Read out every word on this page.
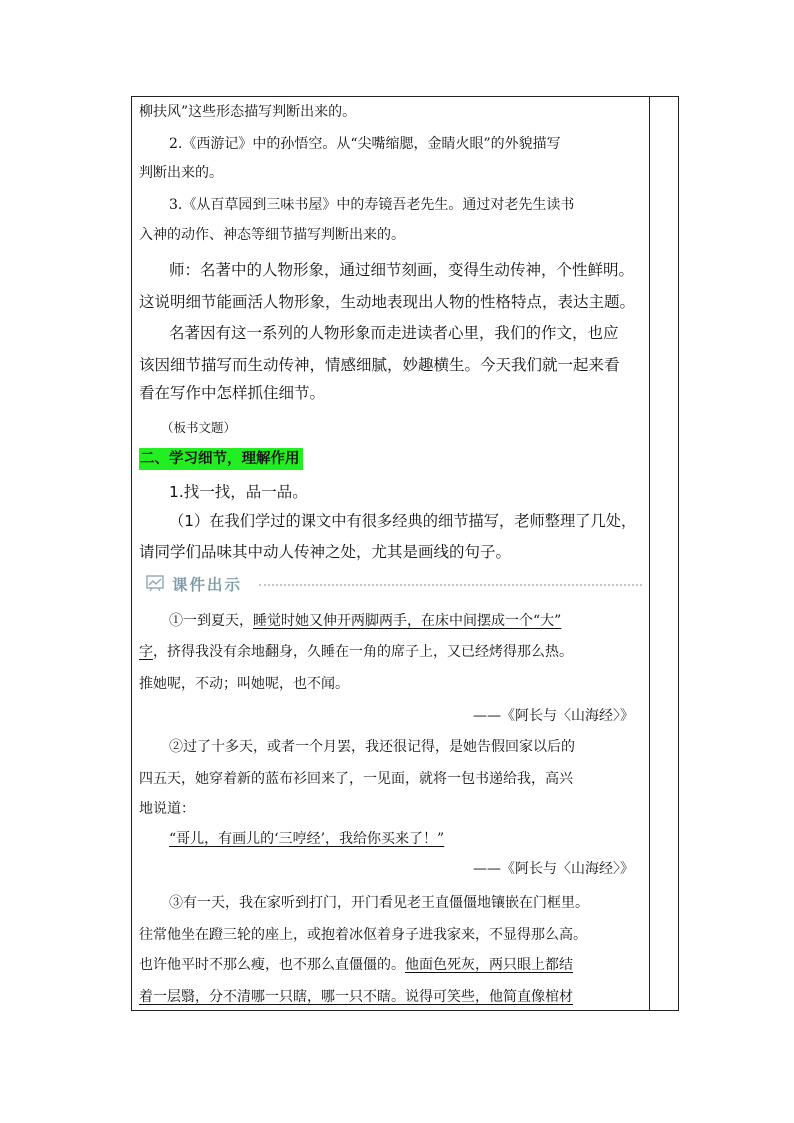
柳扶风”这些形态描写判断出来的。
2.《西游记》中的孙悟空。从“尖嘴缩腮，金睛火眼”的外貌描写
判断出来的。
3.《从百草园到三味书屋》中的寿镜吾老先生。通过对老先生读书
入神的动作、神态等细节描写判断出来的。
师：名著中的人物形象，通过细节刻画，变得生动传神，个性鲜明。
这说明细节能画活人物形象，生动地表现出人物的性格特点，表达主题。
名著因有这一系列的人物形象而走进读者心里，我们的作文，也应
该因细节描写而生动传神，情感细腻，妙趣横生。今天我们就一起来看
看在写作中怎样抓住细节。
（板书文题）
二、学习细节，理解作用
1.找一找，品一品。
（1）在我们学过的课文中有很多经典的细节描写，老师整理了几处，
请同学们品味其中动人传神之处，尤其是画线的句子。
课件出示
①一到夏天，睡觉时她又伸开两脚两手，在床中间摆成一个“大”
字，挤得我没有余地翻身，久睡在一角的席子上，又已经烤得那么热。
推她呢，不动；叫她呢，也不闻。
——《阿长与〈山海经〉》
②过了十多天，或者一个月罢，我还很记得，是她告假回家以后的
四五天，她穿着新的蓝布衫回来了，一见面，就将一包书递给我，高兴
地说道：
“哥儿，有画儿的‘三哼经’，我给你买来了！”
——《阿长与〈山海经〉》
③有一天，我在家听到打门，开门看见老王直僵僵地镶嵌在门框里。
往常他坐在蹬三轮的座上，或抱着冰伛着身子进我家来，不显得那么高。
也许他平时不那么瘦，也不那么直僵僵的。他面色死灰，两只眼上都结
着一层翳，分不清哪一只瞎，哪一只不瞎。说得可笑些，他简直像棺材
